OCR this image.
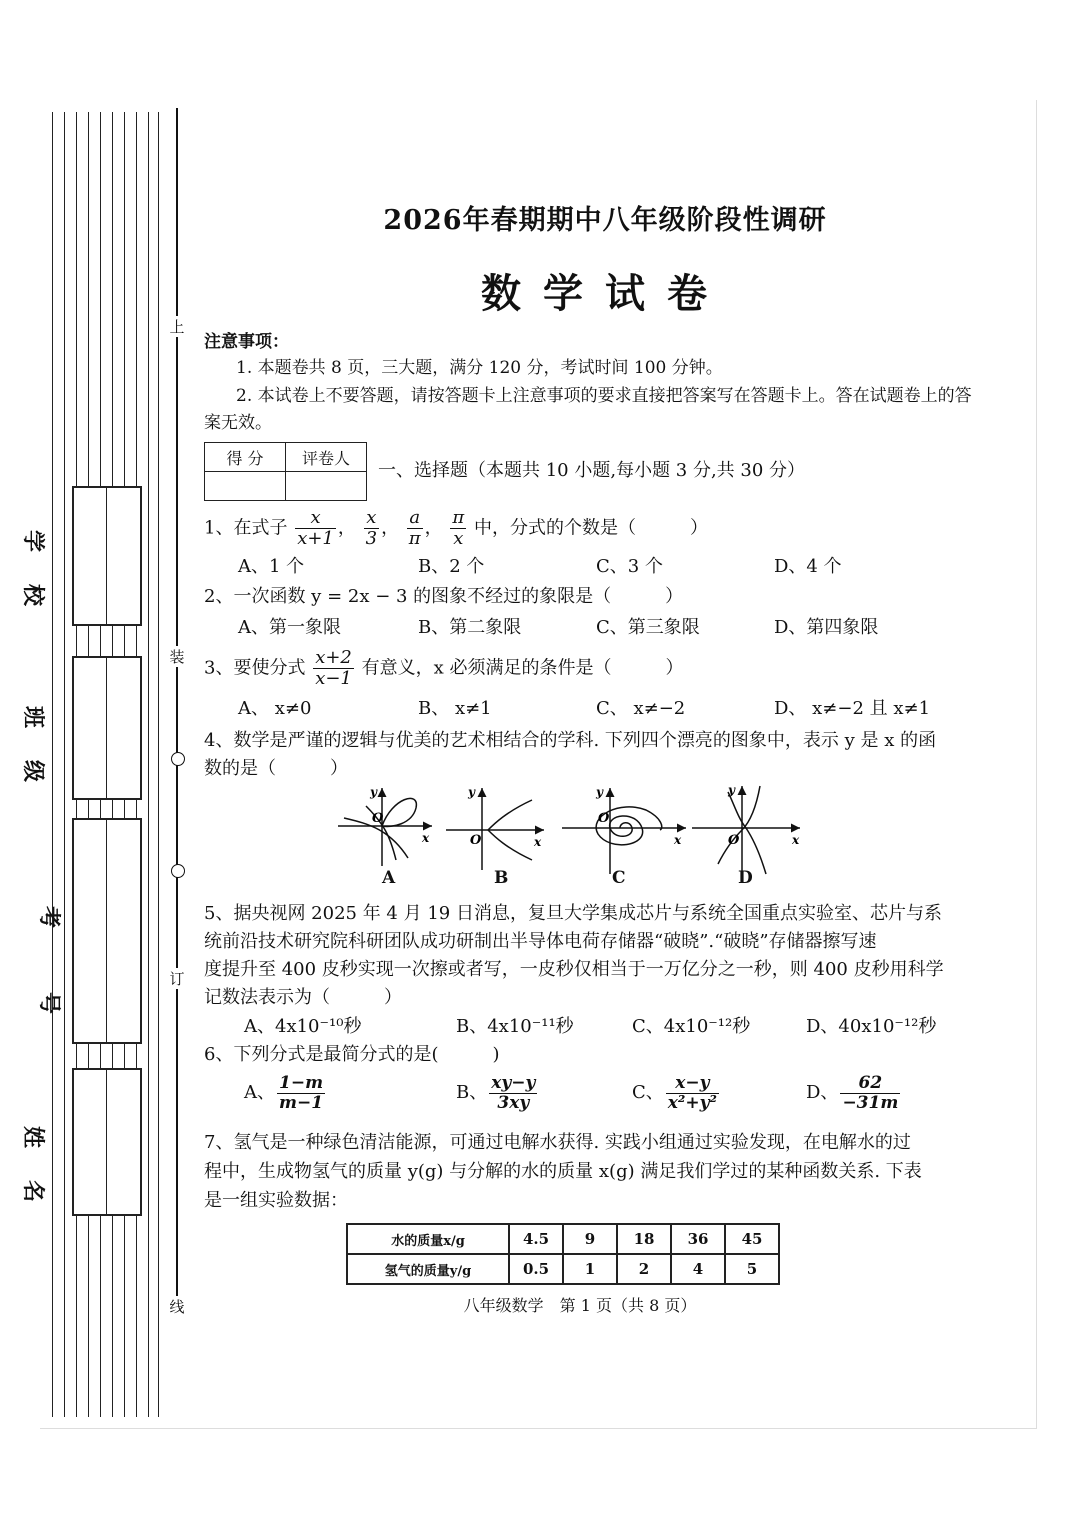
上
装
订
线
学
校
班
级
考
号
姓
名
2026年春期期中八年级阶段性调研
数学试卷
注意事项：
1. 本题卷共 8 页，三大题，满分 120 分，考试时间 100 分钟。
2. 本试卷上不要答题，请按答题卡上注意事项的要求直接把答案写在答题卡上。答在试题卷上的答
案无效。
得 分	评卷人

一、选择题（本题共 10 小题,每小题 3 分,共 30 分）
1、在式子 $\frac{x}{x+1}$ ， $\frac{x}{3}$ ， $\frac{a}{\pi}$ ， $\frac{\pi}{x}$ 中，分式的个数是（　　　）
A、1 个	B、2 个	C、3 个	D、4 个
2、一次函数 y = 2x − 3 的图象不经过的象限是（　　　）
A、第一象限	B、第二象限	C、第三象限	D、第四象限
3、要使分式 $\frac{x+2}{x-1}$ 有意义，x 必须满足的条件是（　　　）
A、 x≠0	B、 x≠1	C、 x≠−2	D、 x≠−2 且 x≠1
4、数学是严谨的逻辑与优美的艺术相结合的学科. 下列四个漂亮的图象中，表示 y 是 x 的函
数的是（　　　）
y
O
x
y
O	x
y
O
x
y
O	x
A	B	C	D
5、据央视网 2025 年 4 月 19 日消息，复旦大学集成芯片与系统全国重点实验室、芯片与系
统前沿技术研究院科研团队成功研制出半导体电荷存储器“破晓”.“破晓”存储器擦写速
度提升至 400 皮秒实现一次擦或者写，一皮秒仅相当于一万亿分之一秒，则 400 皮秒用科学
记数法表示为（　　　）
A、4x10⁻¹⁰秒	B、4x10⁻¹¹秒	C、4x10⁻¹²秒	D、40x10⁻¹²秒
6、下列分式是最简分式的是(　　　)
A、 $\frac{1-m}{m-1}$	B、 $\frac{xy-y}{3xy}$	C、 $\frac{x-y}{\text{x²+y²}}$	D、 $\frac{62}{-31m}$
7、氢气是一种绿色清洁能源，可通过电解水获得. 实践小组通过实验发现，在电解水的过
程中，生成物氢气的质量 y(g) 与分解的水的质量 x(g) 满足我们学过的某种函数关系. 下表
是一组实验数据：
水的质量x/g	4.5	9	18	36	45
氢气的质量y/g	0.5	1	2	4	5
八年级数学　第 1 页（共 8 页）
